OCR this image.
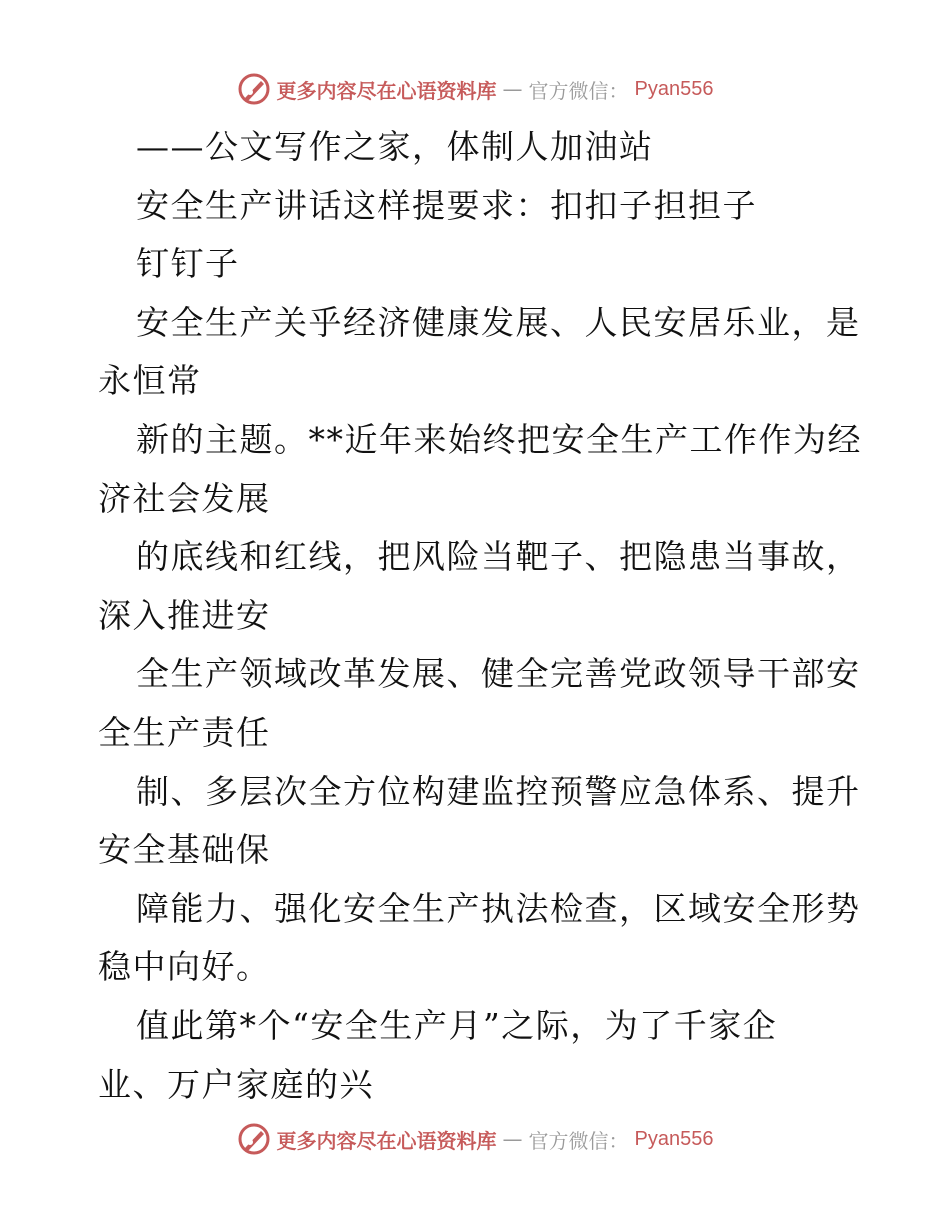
更多内容尽在心语资料库 — 官方微信： Pyan556
——公文写作之家，体制人加油站
安全生产讲话这样提要求：扣扣子担担子
钉钉子
安全生产关乎经济健康发展、人民安居乐业，是
永恒常
新的主题。**近年来始终把安全生产工作作为经
济社会发展
的底线和红线，把风险当靶子、把隐患当事故，
深入推进安
全生产领域改革发展、健全完善党政领导干部安
全生产责任
制、多层次全方位构建监控预警应急体系、提升
安全基础保
障能力、强化安全生产执法检查，区域安全形势
稳中向好。
值此第*个“安全生产月”之际，为了千家企
业、万户家庭的兴
更多内容尽在心语资料库 — 官方微信： Pyan556
